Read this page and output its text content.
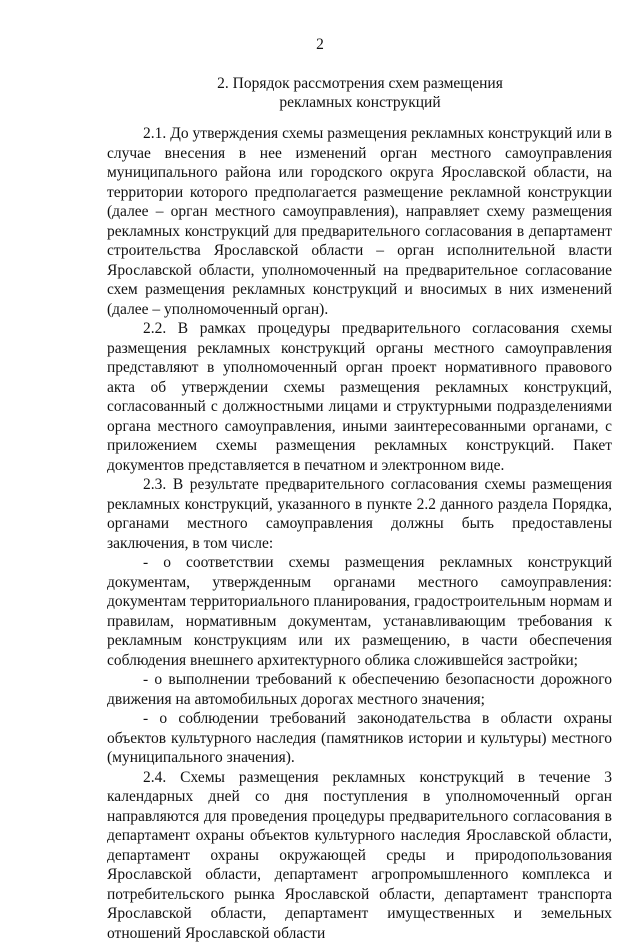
2
2. Порядок рассмотрения схем размещения
рекламных конструкций

2.1. До утверждения схемы размещения рекламных конструкций или в случае внесения в нее изменений орган местного самоуправления муниципального района или городского округа Ярославской области, на территории которого предполагается размещение рекламной конструкции (далее – орган местного самоуправления), направляет схему размещения рекламных конструкций для предварительного согласования в департамент строительства Ярославской области – орган исполнительной власти Ярославской области, уполномоченный на предварительное согласование схем размещения рекламных конструкций и вносимых в них изменений (далее – уполномоченный орган).

2.2. В рамках процедуры предварительного согласования схемы размещения рекламных конструкций органы местного самоуправления представляют в уполномоченный орган проект нормативного правового акта об утверждении схемы размещения рекламных конструкций, согласованный с должностными лицами и структурными подразделениями органа местного самоуправления, иными заинтересованными органами, с приложением схемы размещения рекламных конструкций. Пакет документов представляется в печатном и электронном виде.

2.3. В результате предварительного согласования схемы размещения рекламных конструкций, указанного в пункте 2.2 данного раздела Порядка, органами местного самоуправления должны быть предоставлены заключения, в том числе:

- о соответствии схемы размещения рекламных конструкций документам, утвержденным органами местного самоуправления: документам территориального планирования, градостроительным нормам и правилам, нормативным документам, устанавливающим требования к рекламным конструкциям или их размещению, в части обеспечения соблюдения внешнего архитектурного облика сложившейся застройки;

- о выполнении требований к обеспечению безопасности дорожного движения на автомобильных дорогах местного значения;

- о соблюдении требований законодательства в области охраны объектов культурного наследия (памятников истории и культуры) местного (муниципального значения).

2.4. Схемы размещения рекламных конструкций в течение 3 календарных дней со дня поступления в уполномоченный орган направляются для проведения процедуры предварительного согласования в департамент охраны объектов культурного наследия Ярославской области, департамент охраны окружающей среды и природопользования Ярославской области, департамент агропромышленного комплекса и потребительского рынка Ярославской области, департамент транспорта Ярославской области, департамент имущественных и земельных отношений Ярославской области
